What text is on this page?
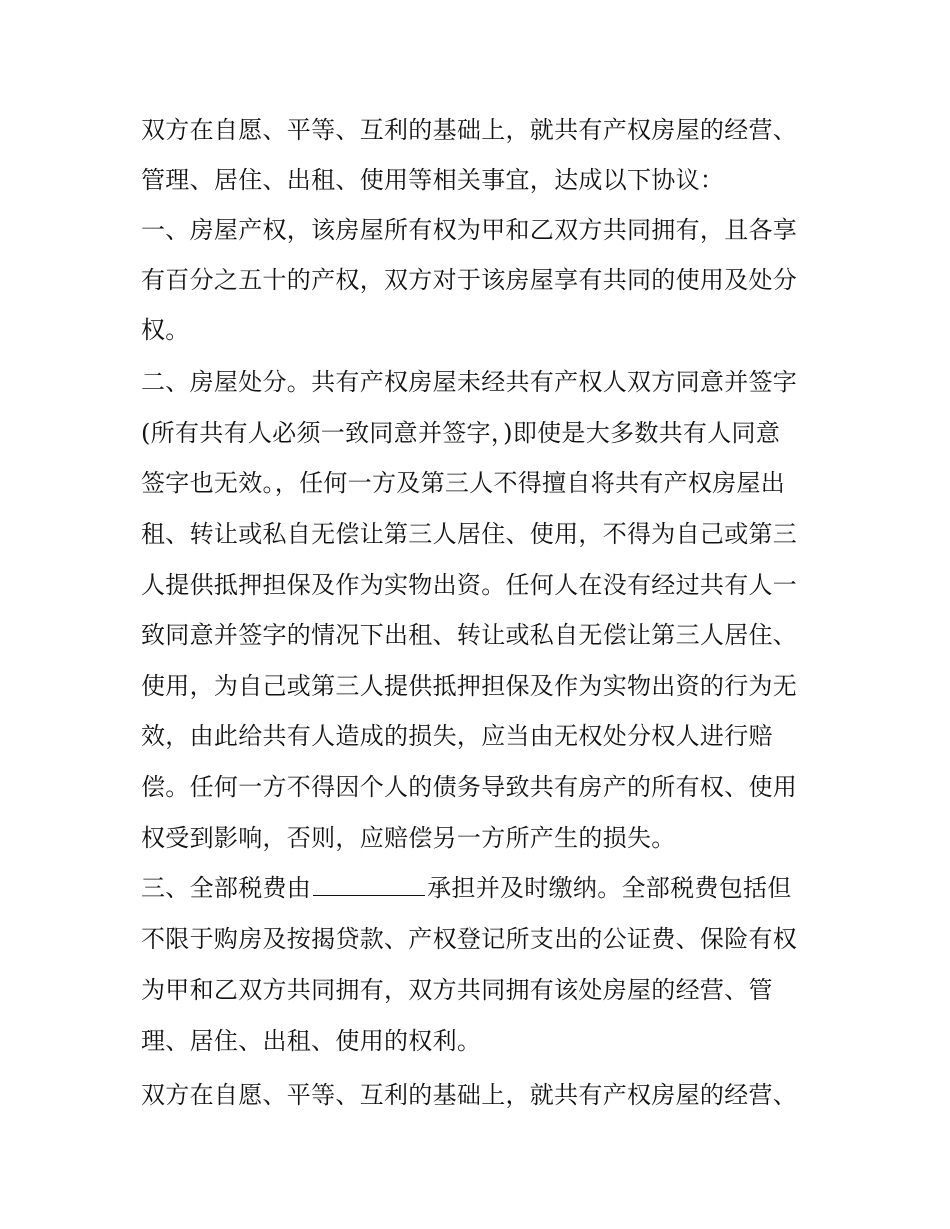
双方在自愿、平等、互利的基础上，就共有产权房屋的经营、
管理、居住、出租、使用等相关事宜，达成以下协议：
一、房屋产权，该房屋所有权为甲和乙双方共同拥有，且各享
有百分之五十的产权，双方对于该房屋享有共同的使用及处分
权。
二、房屋处分。共有产权房屋未经共有产权人双方同意并签字
(所有共有人必须一致同意并签字，)即使是大多数共有人同意
签字也无效。，任何一方及第三人不得擅自将共有产权房屋出
租、转让或私自无偿让第三人居住、使用，不得为自己或第三
人提供抵押担保及作为实物出资。任何人在没有经过共有人一
致同意并签字的情况下出租、转让或私自无偿让第三人居住、
使用，为自己或第三人提供抵押担保及作为实物出资的行为无
效，由此给共有人造成的损失，应当由无权处分权人进行赔
偿。任何一方不得因个人的债务导致共有房产的所有权、使用
权受到影响，否则，应赔偿另一方所产生的损失。
三、全部税费由	承担并及时缴纳。全部税费包括但
不限于购房及按揭贷款、产权登记所支出的公证费、保险有权
为甲和乙双方共同拥有，双方共同拥有该处房屋的经营、管
理、居住、出租、使用的权利。
双方在自愿、平等、互利的基础上，就共有产权房屋的经营、
